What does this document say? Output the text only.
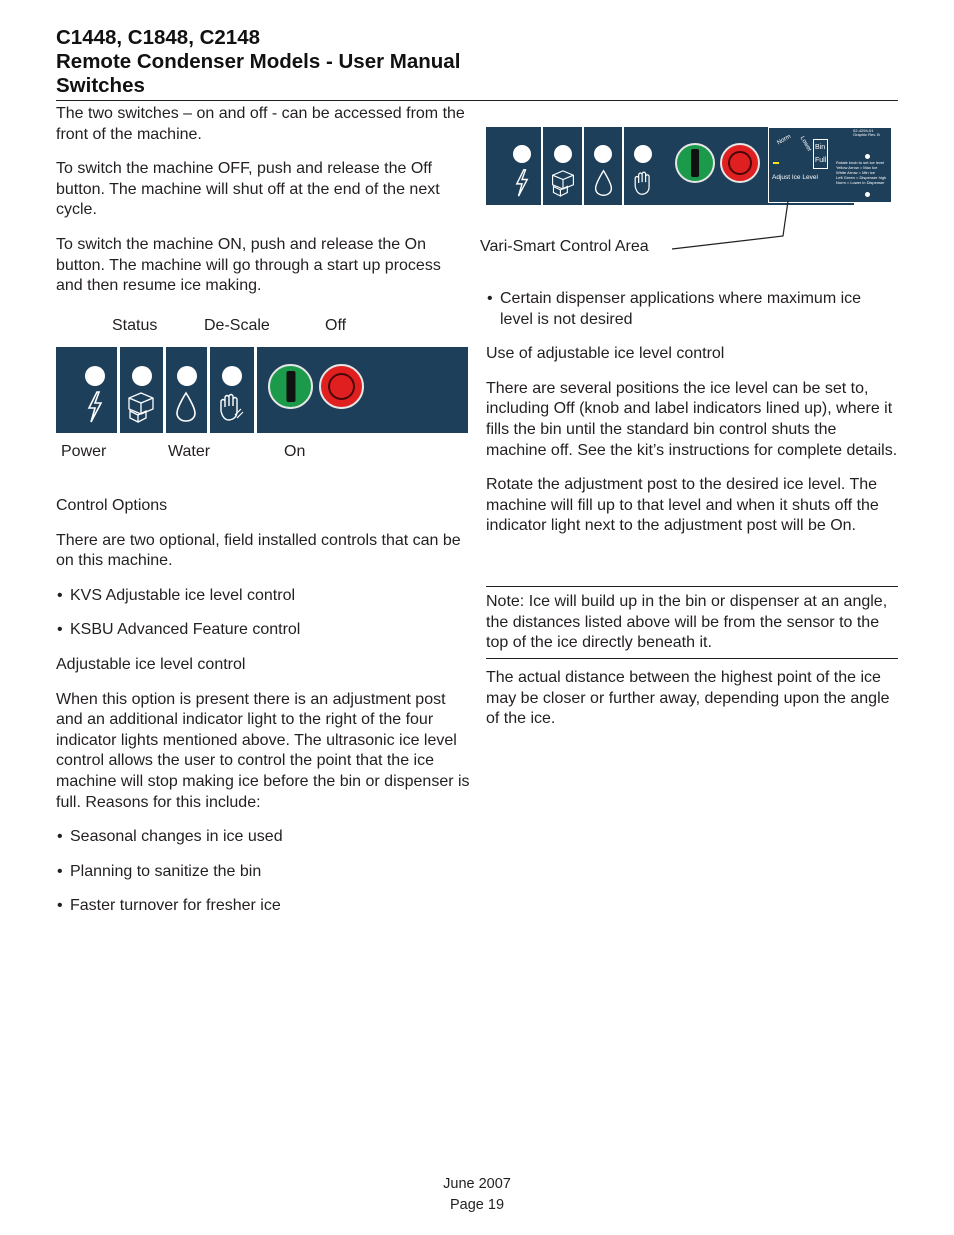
C1448, C1848, C2148
Remote Condenser Models - User Manual
Switches

The two switches – on and off - can be accessed from the front of the machine.

To switch the machine OFF, push and release the Off button. The machine will shut off at the end of the next cycle.

To switch the machine ON, push and release the On button. The machine will go through a start up process and then resume ice making.

Status	De-Scale	Off
Power	Water	On

Control Options

There are two optional, field installed controls that can be on this machine.

• KVS Adjustable ice level control

• KSBU Advanced Feature control

Adjustable ice level control

When this option is present there is an adjustment post and an additional indicator light to the right of the four indicator lights mentioned above. The ultrasonic ice level control allows the user to control the point that the ice machine will stop making ice before the bin or dispenser is full. Reasons for this include:

• Seasonal changes in ice used

• Planning to sanitize the bin

• Faster turnover for fresher ice

Norm Lower Bin
Full
Adjust Ice Level
02-4294-01
Graphic Rev. B
Rotate knob to set ice level
Yellow Arrow = Max Ice
White Arrow = Min Ice
Left Green = Dispenser high
Norm = Lower in Dispenser
Vari-Smart Control Area

• Certain dispenser applications where maximum ice level is not desired

Use of adjustable ice level control

There are several positions the ice level can be set to, including Off (knob and label indicators lined up), where it fills the bin until the standard bin control shuts the machine off. See the kit’s instructions for complete details.

Rotate the adjustment post to the desired ice level. The machine will fill up to that level and when it shuts off the indicator light next to the adjustment post will be On.

Note: Ice will build up in the bin or dispenser at an angle, the distances listed above will be from the sensor to the top of the ice directly beneath it.
The actual distance between the highest point of the ice may be closer or further away, depending upon the angle of the ice.
June 2007
Page 19
